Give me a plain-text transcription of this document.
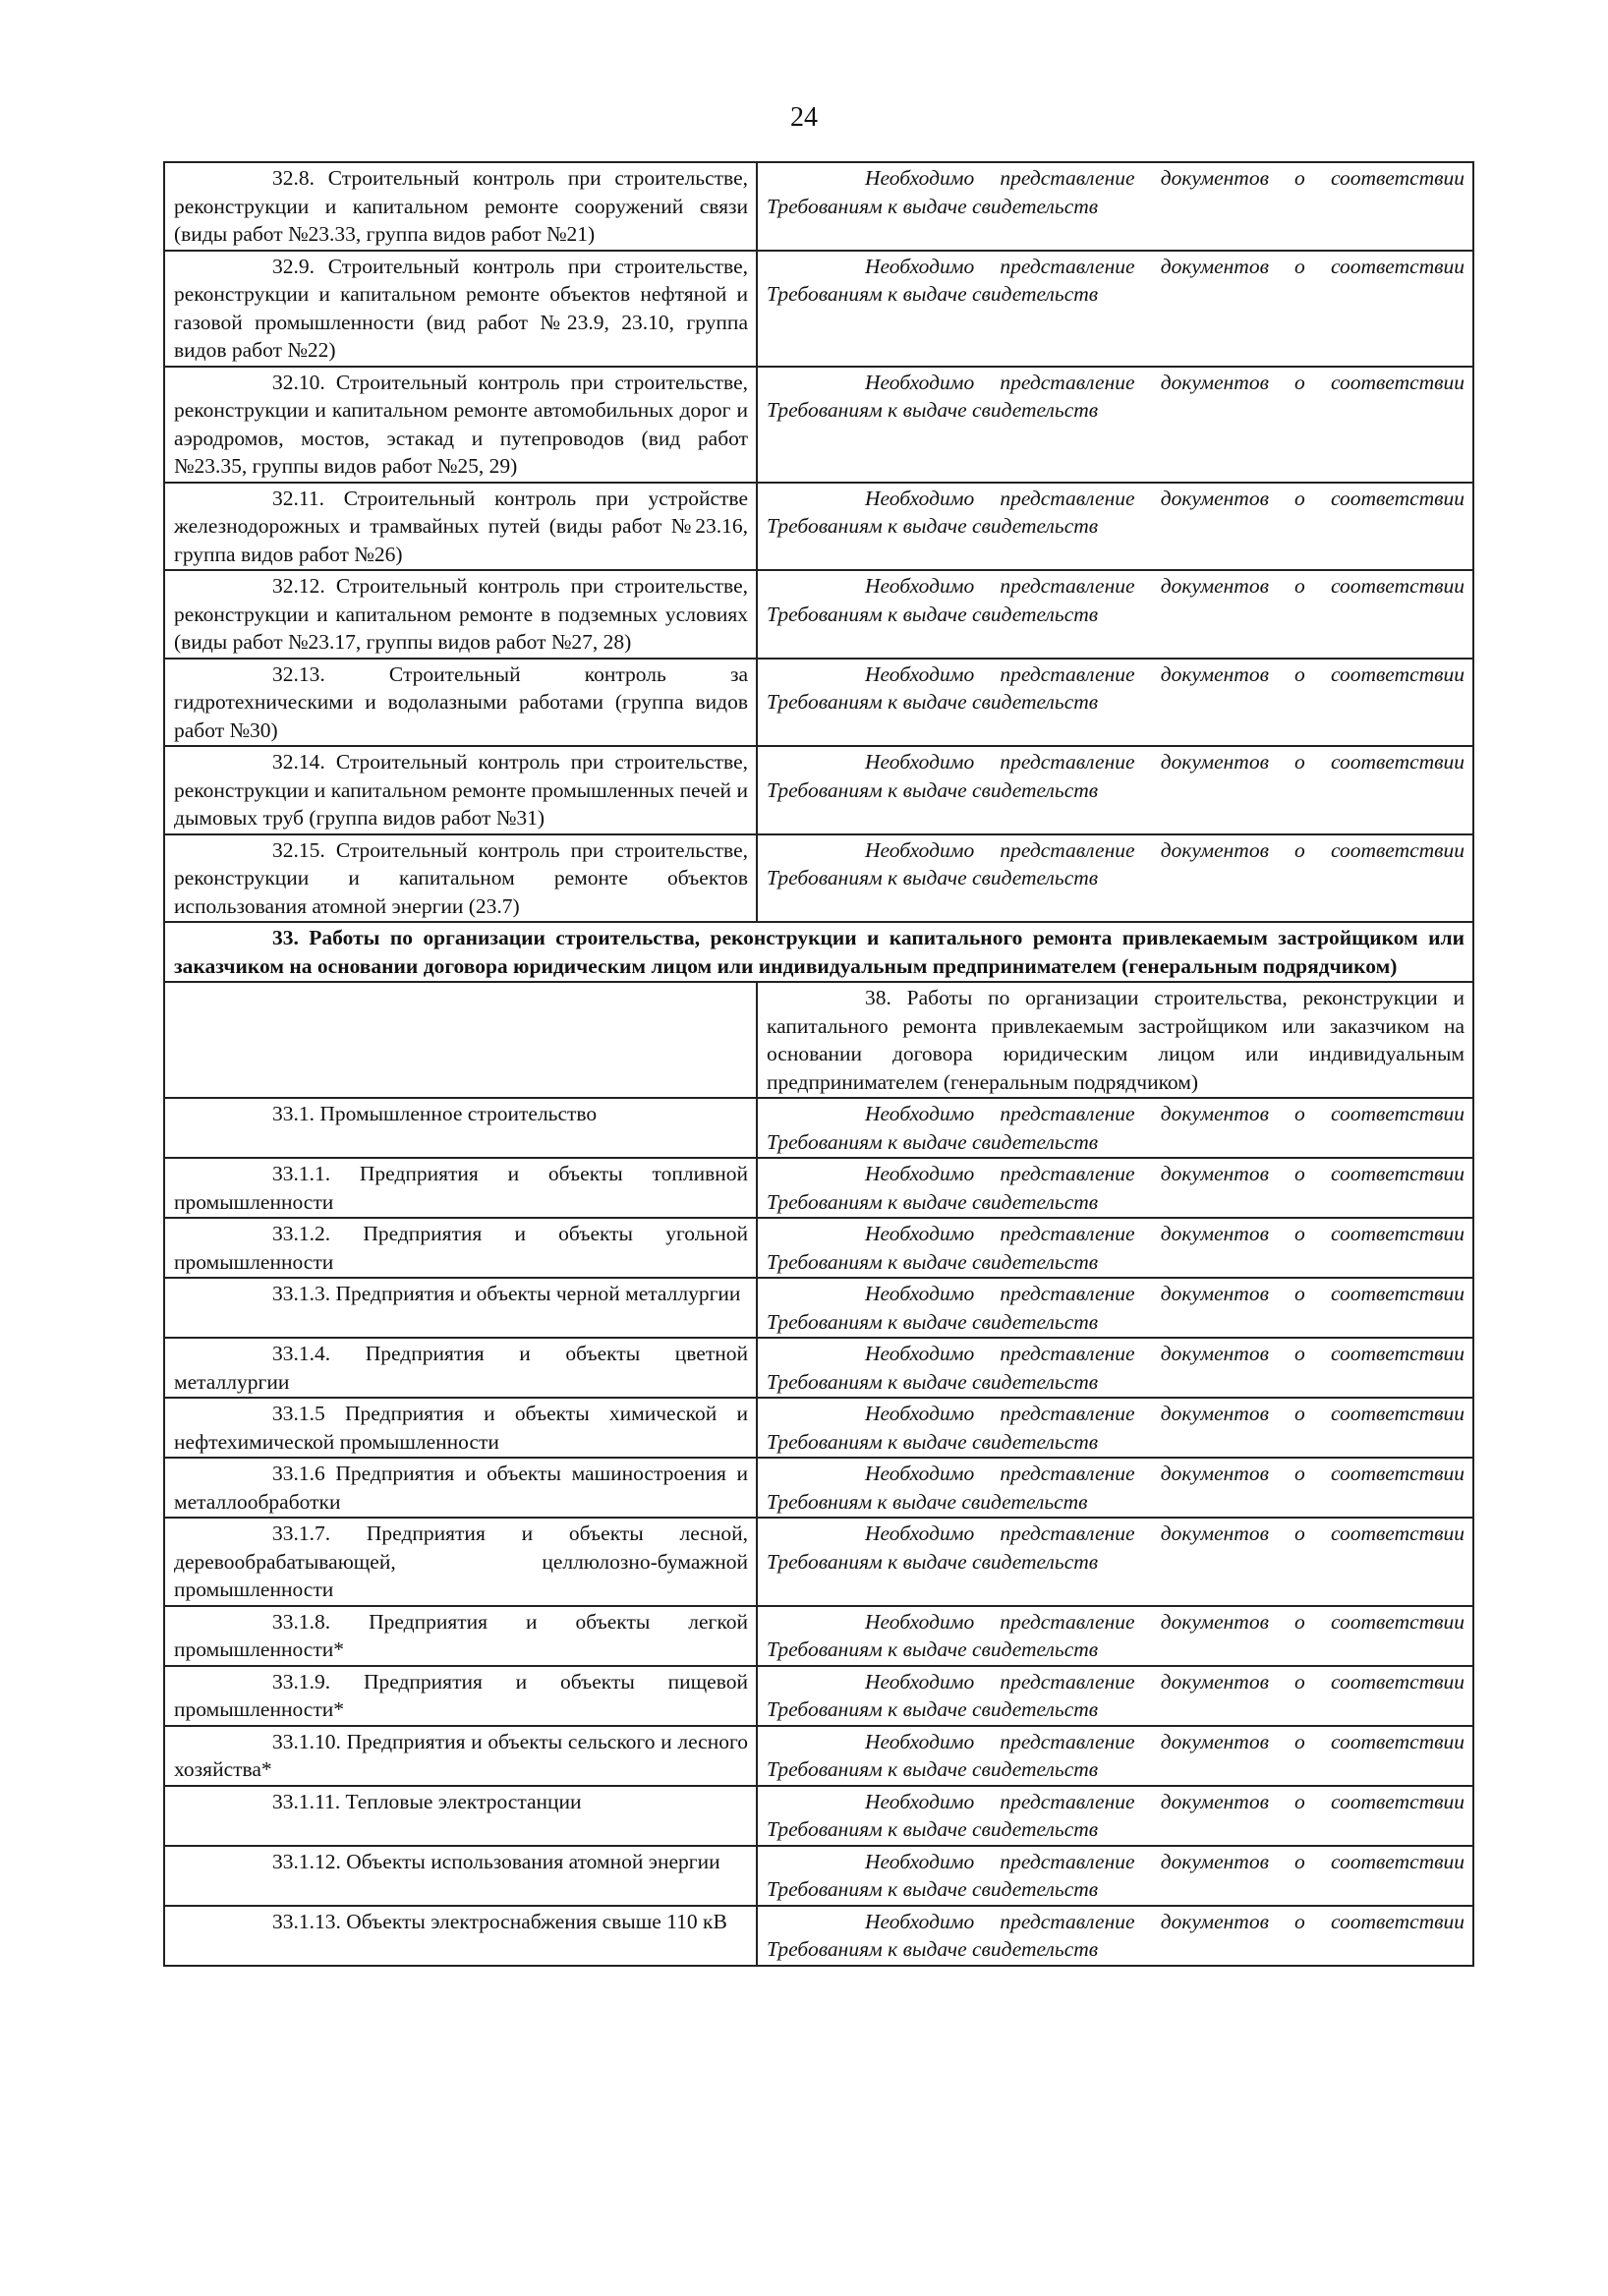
24
32.8. Строительный контроль при строительстве, реконструкции и капитальном ремонте сооружений связи (виды работ №23.33, группа видов работ №21)	Необходимо представление документов о соответствии Требованиям к выдаче свидетельств
32.9. Строительный контроль при строительстве, реконструкции и капитальном ремонте объектов нефтяной и газовой промышленности (вид работ №23.9, 23.10, группа видов работ №22)	Необходимо представление документов о соответствии Требованиям к выдаче свидетельств
32.10. Строительный контроль при строительстве, реконструкции и капитальном ремонте автомобильных дорог и аэродромов, мостов, эстакад и путепроводов (вид работ №23.35, группы видов работ №25, 29)	Необходимо представление документов о соответствии Требованиям к выдаче свидетельств
32.11. Строительный контроль при устройстве железнодорожных и трамвайных путей (виды работ №23.16, группа видов работ №26)	Необходимо представление документов о соответствии Требованиям к выдаче свидетельств
32.12. Строительный контроль при строительстве, реконструкции и капитальном ремонте в подземных условиях (виды работ №23.17, группы видов работ №27, 28)	Необходимо представление документов о соответствии Требованиям к выдаче свидетельств
32.13. Строительный контроль за гидротехническими и водолазными работами (группа видов работ №30)	Необходимо представление документов о соответствии Требованиям к выдаче свидетельств
32.14. Строительный контроль при строительстве, реконструкции и капитальном ремонте промышленных печей и дымовых труб (группа видов работ №31)	Необходимо представление документов о соответствии Требованиям к выдаче свидетельств
32.15. Строительный контроль при строительстве, реконструкции и капитальном ремонте объектов использования атомной энергии (23.7)	Необходимо представление документов о соответствии Требованиям к выдаче свидетельств
33. Работы по организации строительства, реконструкции и капитального ремонта привлекаемым застройщиком или заказчиком на основании договора юридическим лицом или индивидуальным предпринимателем (генеральным подрядчиком)	
	38. Работы по организации строительства, реконструкции и капитального ремонта привлекаемым застройщиком или заказчиком на основании договора юридическим лицом или индивидуальным предпринимателем (генеральным подрядчиком)
33.1. Промышленное строительство	Необходимо представление документов о соответствии Требованиям к выдаче свидетельств
33.1.1. Предприятия и объекты топливной промышленности	Необходимо представление документов о соответствии Требованиям к выдаче свидетельств
33.1.2. Предприятия и объекты угольной промышленности	Необходимо представление документов о соответствии Требованиям к выдаче свидетельств
33.1.3. Предприятия и объекты черной металлургии	Необходимо представление документов о соответствии Требованиям к выдаче свидетельств
33.1.4. Предприятия и объекты цветной металлургии	Необходимо представление документов о соответствии Требованиям к выдаче свидетельств
33.1.5 Предприятия и объекты химической и нефтехимической промышленности	Необходимо представление документов о соответствии Требованиям к выдаче свидетельств
33.1.6 Предприятия и объекты машиностроения и металлообработки	Необходимо представление документов о соответствии Требовниям к выдаче свидетельств
33.1.7. Предприятия и объекты лесной, деревообрабатывающей, целлюлозно-бумажной промышленности	Необходимо представление документов о соответствии Требованиям к выдаче свидетельств
33.1.8. Предприятия и объекты легкой промышленности*	Необходимо представление документов о соответствии Требованиям к выдаче свидетельств
33.1.9. Предприятия и объекты пищевой промышленности*	Необходимо представление документов о соответствии Требованиям к выдаче свидетельств
33.1.10. Предприятия и объекты сельского и лесного хозяйства*	Необходимо представление документов о соответствии Требованиям к выдаче свидетельств
33.1.11. Тепловые электростанции	Необходимо представление документов о соответствии Требованиям к выдаче свидетельств
33.1.12. Объекты использования атомной энергии	Необходимо представление документов о соответствии Требованиям к выдаче свидетельств
33.1.13. Объекты электроснабжения свыше 110 кВ	Необходимо представление документов о соответствии Требованиям к выдаче свидетельств
